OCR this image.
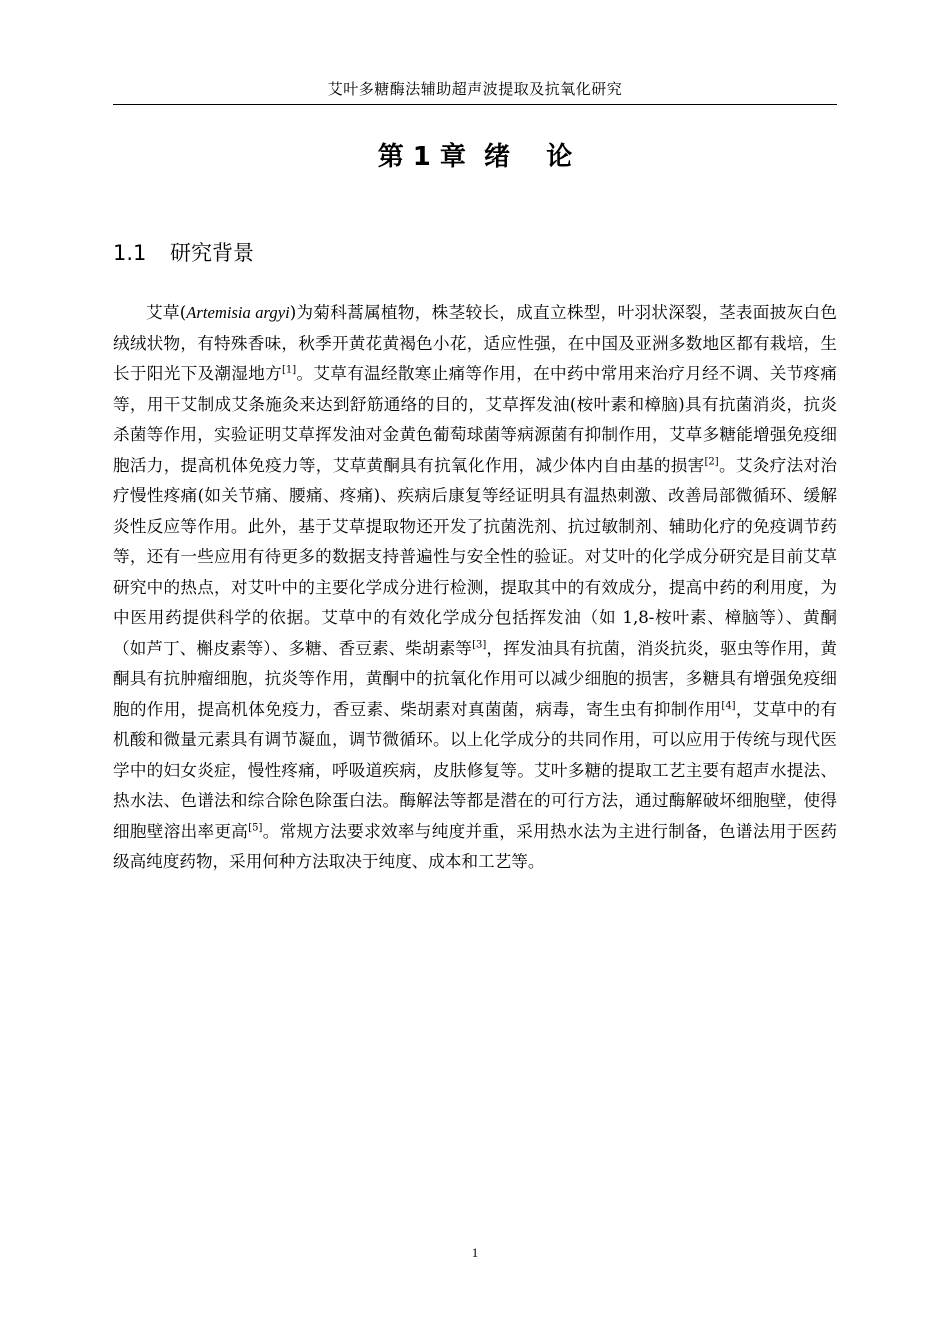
艾叶多糖酶法辅助超声波提取及抗氧化研究
第 1 章  绪    论
1.1 研究背景

艾草(Artemisia argyi)为菊科蒿属植物，株茎较长，成直立株型，叶羽状深裂，茎表面披灰白色绒绒状物，有特殊香味，秋季开黄花黄褐色小花，适应性强，在中国及亚洲多数地区都有栽培，生长于阳光下及潮湿地方[1]。艾草有温经散寒止痛等作用，在中药中常用来治疗月经不调、关节疼痛等，用干艾制成艾条施灸来达到舒筋通络的目的，艾草挥发油(桉叶素和樟脑)具有抗菌消炎，抗炎杀菌等作用，实验证明艾草挥发油对金黄色葡萄球菌等病源菌有抑制作用，艾草多糖能增强免疫细胞活力，提高机体免疫力等，艾草黄酮具有抗氧化作用，减少体内自由基的损害[2]。艾灸疗法对治疗慢性疼痛(如关节痛、腰痛、疼痛)、疾病后康复等经证明具有温热刺激、改善局部微循环、缓解炎性反应等作用。此外，基于艾草提取物还开发了抗菌洗剂、抗过敏制剂、辅助化疗的免疫调节药等，还有一些应用有待更多的数据支持普遍性与安全性的验证。对艾叶的化学成分研究是目前艾草研究中的热点，对艾叶中的主要化学成分进行检测，提取其中的有效成分，提高中药的利用度，为中医用药提供科学的依据。艾草中的有效化学成分包括挥发油（如 1,8-桉叶素、樟脑等）、黄酮（如芦丁、槲皮素等）、多糖、香豆素、柴胡素等[3]，挥发油具有抗菌，消炎抗炎，驱虫等作用，黄酮具有抗肿瘤细胞，抗炎等作用，黄酮中的抗氧化作用可以减少细胞的损害，多糖具有增强免疫细胞的作用，提高机体免疫力，香豆素、柴胡素对真菌菌，病毒，寄生虫有抑制作用[4]，艾草中的有机酸和微量元素具有调节凝血，调节微循环。以上化学成分的共同作用，可以应用于传统与现代医学中的妇女炎症，慢性疼痛，呼吸道疾病，皮肤修复等。艾叶多糖的提取工艺主要有超声水提法、热水法、色谱法和综合除色除蛋白法。酶解法等都是潜在的可行方法，通过酶解破坏细胞壁，使得细胞壁溶出率更高[5]。常规方法要求效率与纯度并重，采用热水法为主进行制备，色谱法用于医药级高纯度药物，采用何种方法取决于纯度、成本和工艺等。

1
